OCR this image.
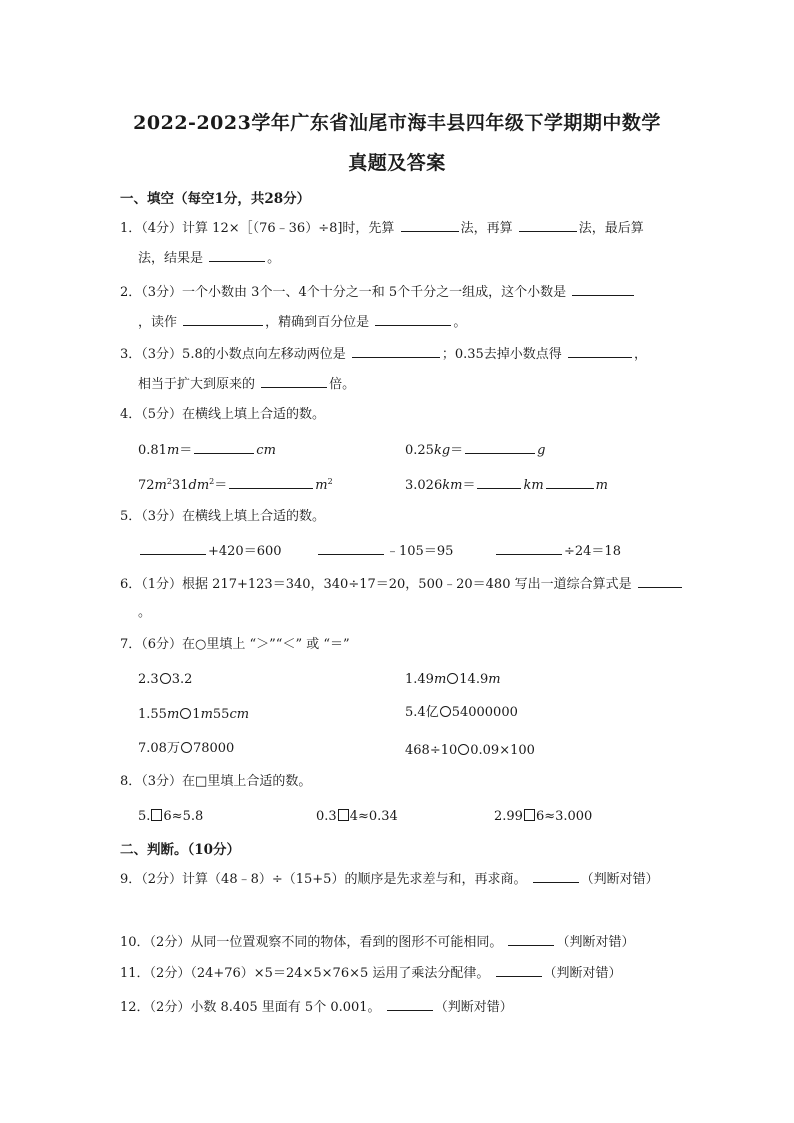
2022-2023学年广东省汕尾市海丰县四年级下学期期中数学
真题及答案
一、填空（每空1分，共28分）
1．（4分）计算 12×［（76﹣36）÷8]时，先算	法，再算	法，最后算
法，结果是	。
2．（3分）一个小数由 3个一、4个十分之一和 5个千分之一组成，这个小数是
，读作	，精确到百分位是	。
3．（3分）5.8的小数点向左移动两位是	；0.35去掉小数点得	，
相当于扩大到原来的	倍。
4．（5分）在横线上填上合适的数。
0.81m＝	cm	0.25kg＝	g
$72m^231dm^2=$	$m^2$	3.026km＝	km	m
5．（3分）在横线上填上合适的数。
+420＝600	﹣105＝95	÷24＝18
6．（1分）根据 217+123＝340，340÷17＝20，500﹣20＝480 写出一道综合算式是
。
7．（6分）在○里填上 “＞”“＜” 或 “＝”
2.3 3.2	1.49m 14.9m
1.55m 1m55cm	5.4亿 54000000
7.08万 78000	468÷10 0.09×100
8．（3分）在□里填上合适的数。
5. 6≈5.8	0.3 4≈0.34	2.99 6≈3.000
二、判断。（10分）
9．（2分）计算（48﹣8）÷（15+5）的顺序是先求差与和，再求商。	（判断对错）
10．（2分）从同一位置观察不同的物体，看到的图形不可能相同。	（判断对错）
11．（2分）（24+76）×5＝24×5×76×5 运用了乘法分配律。	（判断对错）
12．（2分）小数 8.405 里面有 5个 0.001。	（判断对错）
